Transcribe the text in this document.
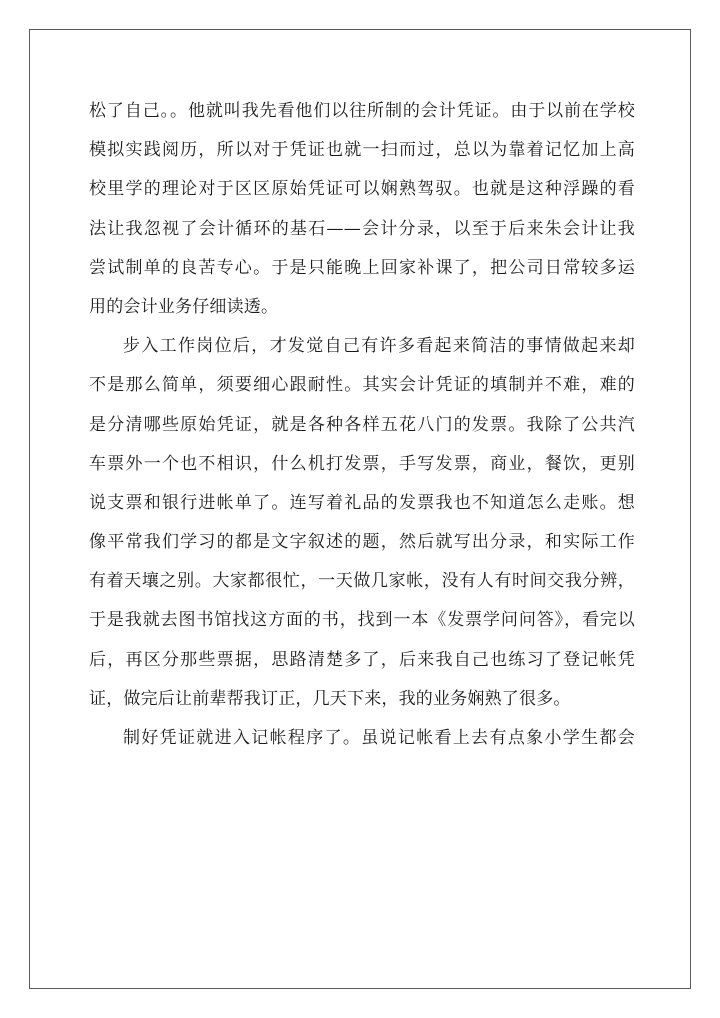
松了自己。。他就叫我先看他们以往所制的会计凭证。由于以前在学校
模拟实践阅历，所以对于凭证也就一扫而过，总以为靠着记忆加上高
校里学的理论对于区区原始凭证可以娴熟驾驭。也就是这种浮躁的看
法让我忽视了会计循环的基石——会计分录，以至于后来朱会计让我
尝试制单的良苦专心。于是只能晚上回家补课了，把公司日常较多运
用的会计业务仔细读透。
步入工作岗位后，才发觉自己有许多看起来简洁的事情做起来却
不是那么简单，须要细心跟耐性。其实会计凭证的填制并不难，难的
是分清哪些原始凭证，就是各种各样五花八门的发票。我除了公共汽
车票外一个也不相识，什么机打发票，手写发票，商业，餐饮，更别
说支票和银行进帐单了。连写着礼品的发票我也不知道怎么走账。想
像平常我们学习的都是文字叙述的题，然后就写出分录，和实际工作
有着天壤之别。大家都很忙，一天做几家帐，没有人有时间交我分辨，
于是我就去图书馆找这方面的书，找到一本《发票学问问答》，看完以
后，再区分那些票据，思路清楚多了，后来我自己也练习了登记帐凭
证，做完后让前辈帮我订正，几天下来，我的业务娴熟了很多。
制好凭证就进入记帐程序了。虽说记帐看上去有点象小学生都会
